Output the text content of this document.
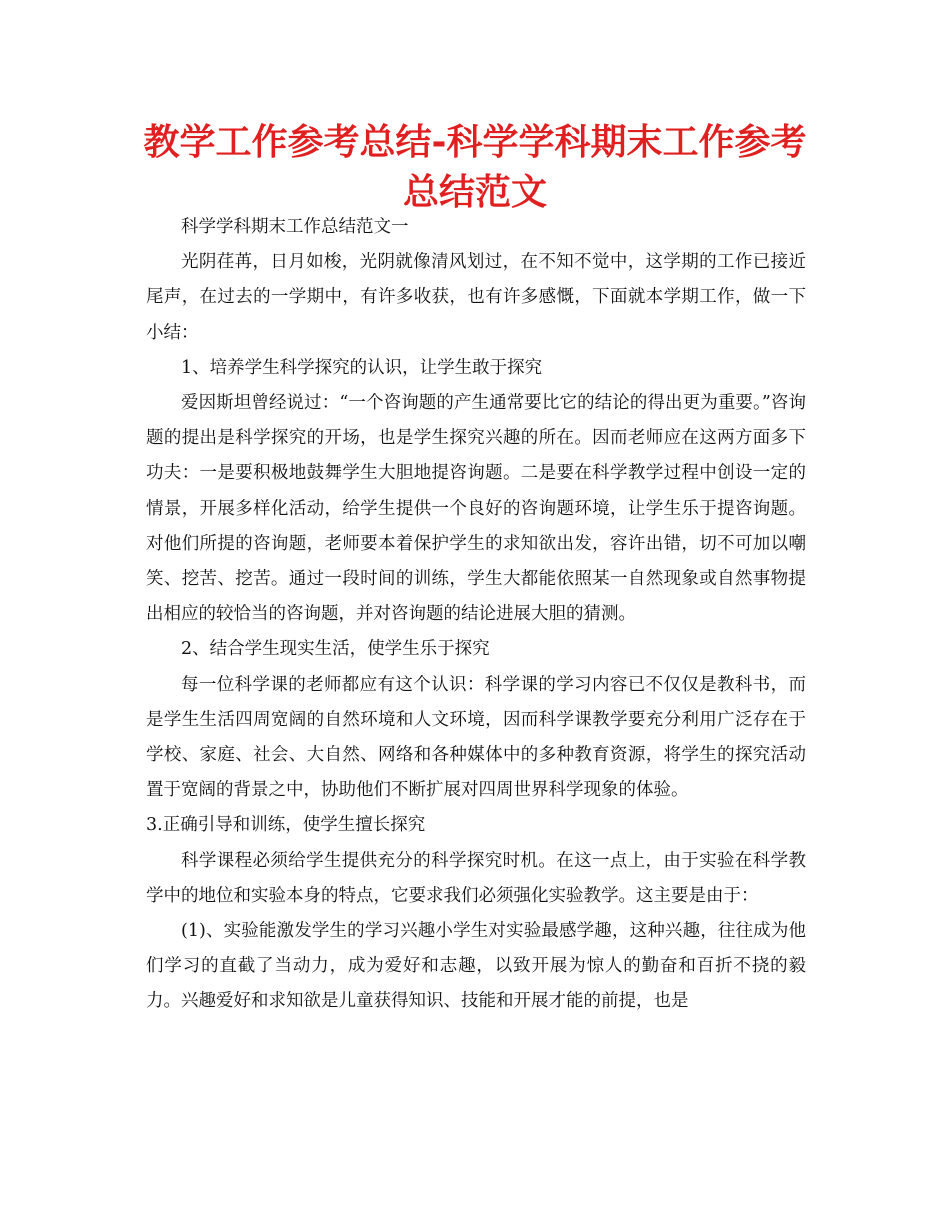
教学工作参考总结-科学学科期末工作参考总结范文

科学学科期末工作总结范文一

光阴荏苒，日月如梭，光阴就像清风划过，在不知不觉中，这学期的工作已接近尾声，在过去的一学期中，有许多收获，也有许多感慨，下面就本学期工作，做一下小结：

1、培养学生科学探究的认识，让学生敢于探究

爱因斯坦曾经说过：“一个咨询题的产生通常要比它的结论的得出更为重要。”咨询题的提出是科学探究的开场，也是学生探究兴趣的所在。因而老师应在这两方面多下功夫：一是要积极地鼓舞学生大胆地提咨询题。二是要在科学教学过程中创设一定的情景，开展多样化活动，给学生提供一个良好的咨询题环境，让学生乐于提咨询题。对他们所提的咨询题，老师要本着保护学生的求知欲出发，容许出错，切不可加以嘲笑、挖苦、挖苦。通过一段时间的训练，学生大都能依照某一自然现象或自然事物提出相应的较恰当的咨询题，并对咨询题的结论进展大胆的猜测。

2、结合学生现实生活，使学生乐于探究

每一位科学课的老师都应有这个认识：科学课的学习内容已不仅仅是教科书，而是学生生活四周宽阔的自然环境和人文环境，因而科学课教学要充分利用广泛存在于学校、家庭、社会、大自然、网络和各种媒体中的多种教育资源，将学生的探究活动置于宽阔的背景之中，协助他们不断扩展对四周世界科学现象的体验。

3.正确引导和训练，使学生擅长探究

科学课程必须给学生提供充分的科学探究时机。在这一点上，由于实验在科学教学中的地位和实验本身的特点，它要求我们必须强化实验教学。这主要是由于：

(1)、实验能激发学生的学习兴趣小学生对实验最感学趣，这种兴趣，往往成为他们学习的直截了当动力，成为爱好和志趣，以致开展为惊人的勤奋和百折不挠的毅力。兴趣爱好和求知欲是儿童获得知识、技能和开展才能的前提，也是
